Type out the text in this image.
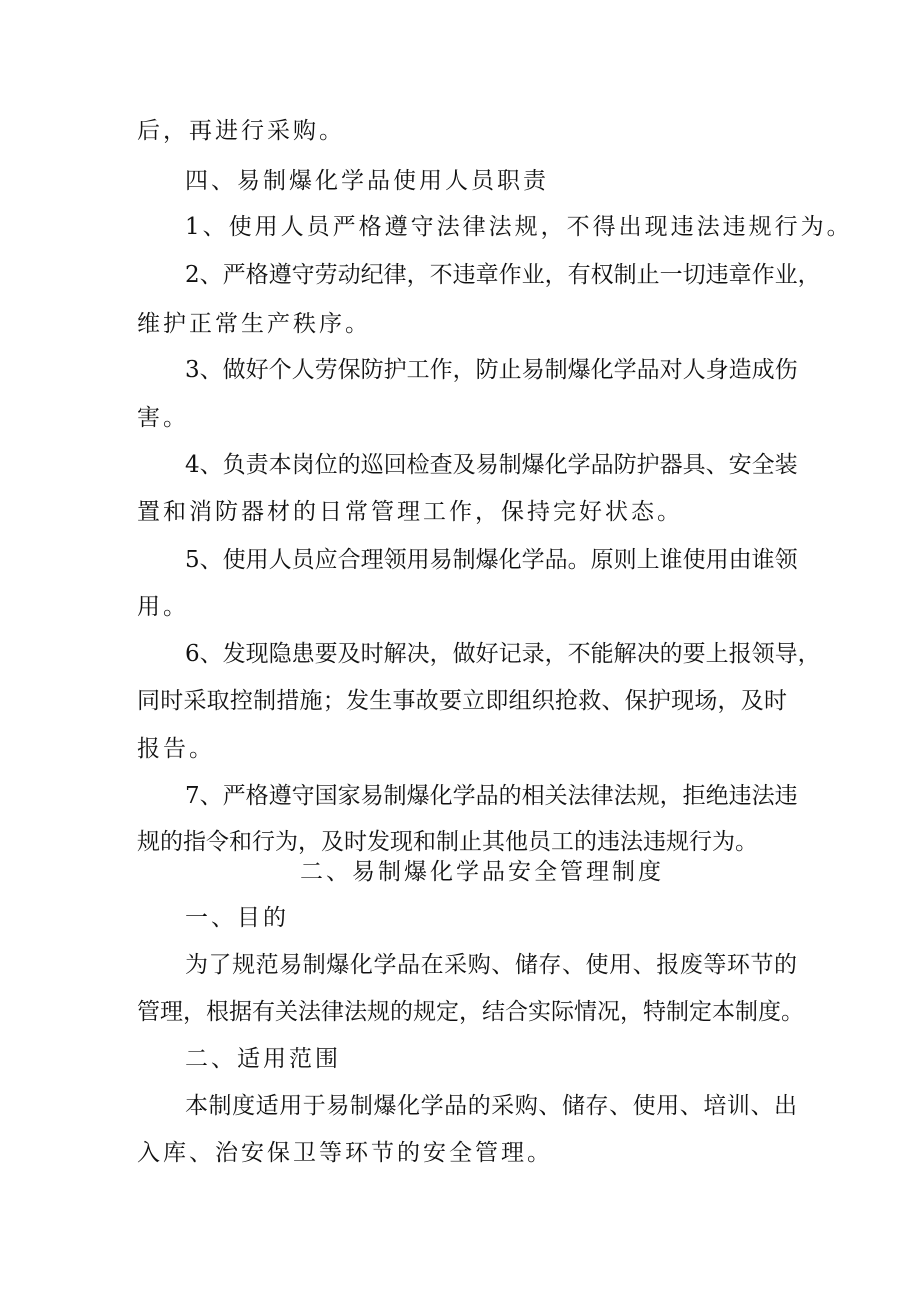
后，再进行采购。
四、易制爆化学品使用人员职责
1、使用人员严格遵守法律法规，不得出现违法违规行为。
2、严格遵守劳动纪律，不违章作业，有权制止一切违章作业，
维护正常生产秩序。
3、做好个人劳保防护工作，防止易制爆化学品对人身造成伤
害。
4、负责本岗位的巡回检查及易制爆化学品防护器具、安全装
置和消防器材的日常管理工作，保持完好状态。
5、使用人员应合理领用易制爆化学品。原则上谁使用由谁领
用。
6、发现隐患要及时解决，做好记录，不能解决的要上报领导，
同时采取控制措施；发生事故要立即组织抢救、保护现场，及时
报告。
7、严格遵守国家易制爆化学品的相关法律法规，拒绝违法违
规的指令和行为，及时发现和制止其他员工的违法违规行为。
二、易制爆化学品安全管理制度
一、目的
为了规范易制爆化学品在采购、储存、使用、报废等环节的
管理，根据有关法律法规的规定，结合实际情况，特制定本制度。
二、适用范围
本制度适用于易制爆化学品的采购、储存、使用、培训、出
入库、治安保卫等环节的安全管理。
